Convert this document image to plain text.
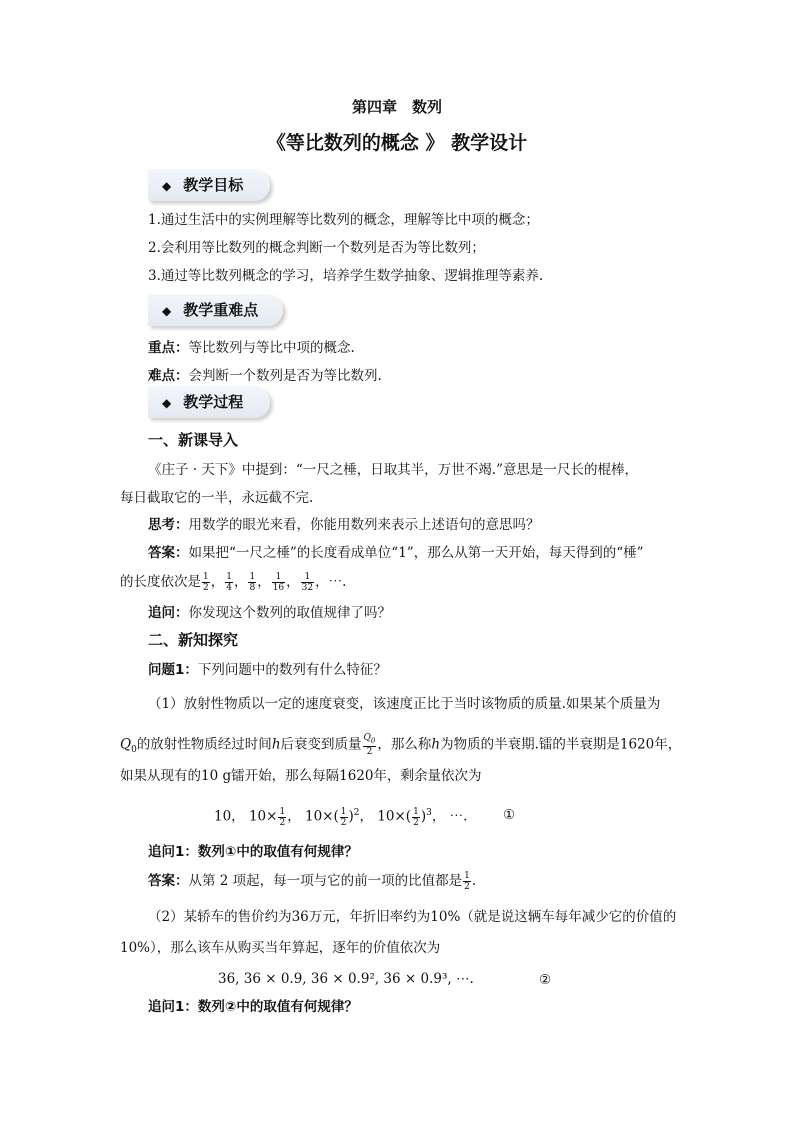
第四章　数列
《等比数列的概念 》 教学设计
◆ 教学目标
1.通过生活中的实例理解等比数列的概念，理解等比中项的概念；
2.会利用等比数列的概念判断一个数列是否为等比数列；
3.通过等比数列概念的学习，培养学生数学抽象、逻辑推理等素养.
◆ 教学重难点
重点：等比数列与等比中项的概念.
难点：会判断一个数列是否为等比数列.
◆ 教学过程
一、新课导入
《庄子 · 天下》中提到：“一尺之棰，日取其半，万世不竭.”意思是一尺长的棍棒，
每日截取它的一半，永远截不完.
思考：用数学的眼光来看，你能用数列来表示上述语句的意思吗？
答案：如果把“一尺之棰”的长度看成单位“1”，那么从第一天开始，每天得到的“棰”
的长度依次是 $\frac{1}{2}$ ， $\frac{1}{4}$ ， $\frac{1}{8}$ ， $\frac{1}{16}$ ， $\frac{1}{32}$ ，⋯.
追问：你发现这个数列的取值规律了吗？
二、新知探究
问题1：下列问题中的数列有什么特征？
（1）放射性物质以一定的速度衰变，该速度正比于当时该物质的质量.如果某个质量为
$Q_0$的放射性物质经过时间h后衰变到质量 $\frac{Q_0}{2}$ ，那么称h为物质的半衰期.镭的半衰期是1620年，
如果从现有的10 g镭开始，那么每隔1620年，剩余量依次为
10， $10\times \frac{1}{2}$ ， $10\times( \frac{1}{2} )^2$， $10\times( \frac{1}{2} )^3$， ⋯.	①
追问1：数列①中的取值有何规律？
答案：从第 2 项起，每一项与它的前一项的比值都是 $\frac{1}{2}$ .
（2）某轿车的售价约为36万元，年折旧率约为10%（就是说这辆车每年减少它的价值的
10%），那么该车从购买当年算起，逐年的价值依次为
36, 36 × 0.9, 36 × 0.9², 36 × 0.9³, ⋯.	②
追问1：数列②中的取值有何规律？
